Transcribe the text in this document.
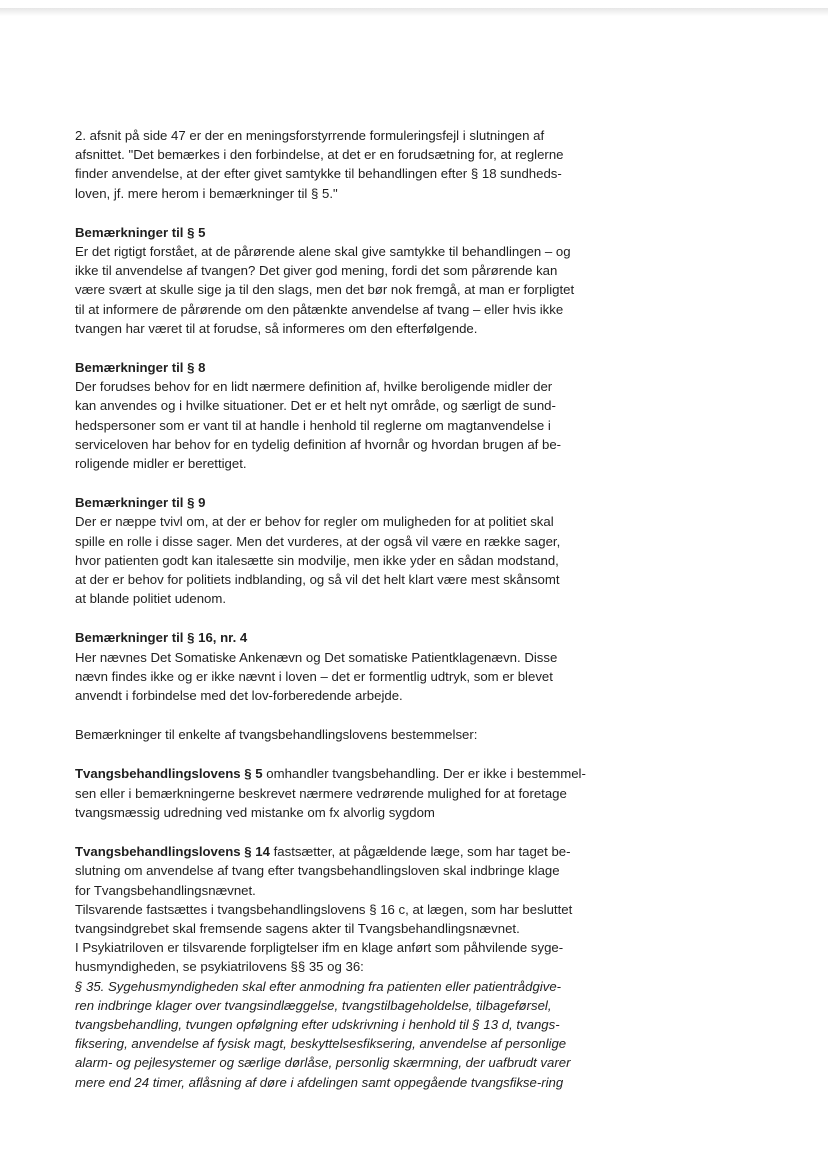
2. afsnit på side 47 er der en meningsforstyrrende formuleringsfejl i slutningen af
afsnittet. "Det bemærkes i den forbindelse, at det er en forudsætning for, at reglerne
finder anvendelse, at der efter givet samtykke til behandlingen efter § 18 sundheds-
loven, jf. mere herom i bemærkninger til § 5."

Bemærkninger til § 5

Er det rigtigt forstået, at de pårørende alene skal give samtykke til behandlingen – og
ikke til anvendelse af tvangen? Det giver god mening, fordi det som pårørende kan
være svært at skulle sige ja til den slags, men det bør nok fremgå, at man er forpligtet
til at informere de pårørende om den påtænkte anvendelse af tvang – eller hvis ikke
tvangen har været til at forudse, så informeres om den efterfølgende.

Bemærkninger til § 8

Der forudses behov for en lidt nærmere definition af, hvilke beroligende midler der
kan anvendes og i hvilke situationer. Det er et helt nyt område, og særligt de sund-
hedspersoner som er vant til at handle i henhold til reglerne om magtanvendelse i
serviceloven har behov for en tydelig definition af hvornår og hvordan brugen af be-
roligende midler er berettiget.

Bemærkninger til § 9

Der er næppe tvivl om, at der er behov for regler om muligheden for at politiet skal
spille en rolle i disse sager. Men det vurderes, at der også vil være en række sager,
hvor patienten godt kan italesætte sin modvilje, men ikke yder en sådan modstand,
at der er behov for politiets indblanding, og så vil det helt klart være mest skånsomt
at blande politiet udenom.

Bemærkninger til § 16, nr. 4

Her nævnes Det Somatiske Ankenævn og Det somatiske Patientklagenævn. Disse
nævn findes ikke og er ikke nævnt i loven – det er formentlig udtryk, som er blevet
anvendt i forbindelse med det lov-forberedende arbejde.

Bemærkninger til enkelte af tvangsbehandlingslovens bestemmelser:

Tvangsbehandlingslovens § 5 omhandler tvangsbehandling. Der er ikke i bestemmel-
sen eller i bemærkningerne beskrevet nærmere vedrørende mulighed for at foretage
tvangsmæssig udredning ved mistanke om fx alvorlig sygdom

Tvangsbehandlingslovens § 14 fastsætter, at pågældende læge, som har taget be-
slutning om anvendelse af tvang efter tvangsbehandlingsloven skal indbringe klage
for Tvangsbehandlingsnævnet.
Tilsvarende fastsættes i tvangsbehandlingslovens § 16 c, at lægen, som har besluttet
tvangsindgrebet skal fremsende sagens akter til Tvangsbehandlingsnævnet.
I Psykiatriloven er tilsvarende forpligtelser ifm en klage anført som påhvilende syge-
husmyndigheden, se psykiatrilovens §§ 35 og 36:
§ 35. Sygehusmyndigheden skal efter anmodning fra patienten eller patientrådgive-
ren indbringe klager over tvangsindlæggelse, tvangstilbageholdelse, tilbageførsel,
tvangsbehandling, tvungen opfølgning efter udskrivning i henhold til § 13 d, tvangs-
fiksering, anvendelse af fysisk magt, beskyttelsesfiksering, anvendelse af personlige
alarm- og pejlesystemer og særlige dørlåse, personlig skærmning, der uafbrudt varer
mere end 24 timer, aflåsning af døre i afdelingen samt oppegående tvangsfikse-ring
